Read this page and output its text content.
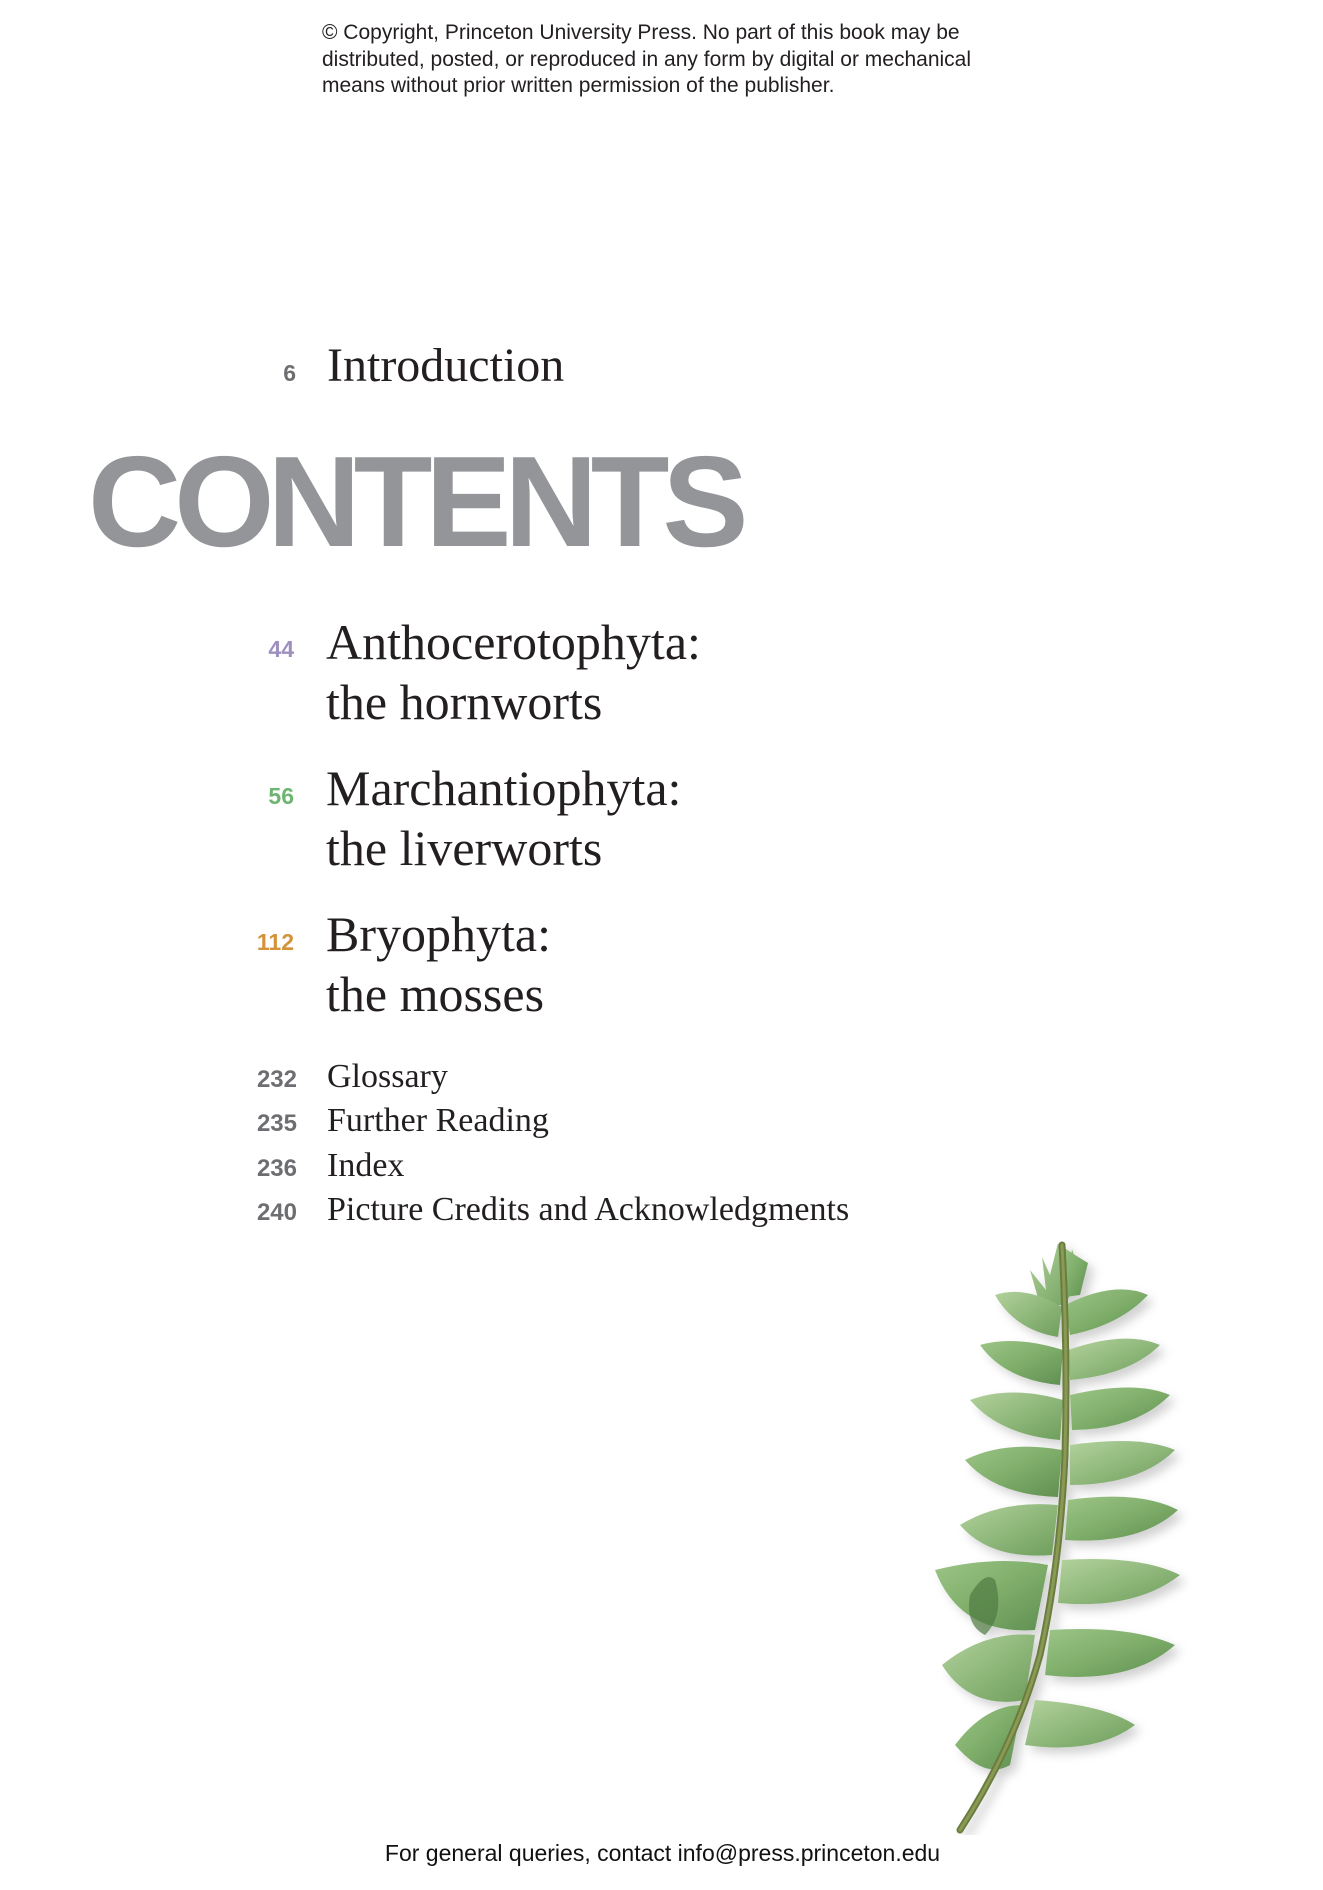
© Copyright, Princeton University Press. No part of this book may be
distributed, posted, or reproduced in any form by digital or mechanical
means without prior written permission of the publisher.
6 Introduction
CONTENTS
44 Anthocerotophyta:
the hornworts
56 Marchantiophyta:
the liverworts
112 Bryophyta:
the mosses
232 Glossary
235 Further Reading
236 Index
240 Picture Credits and Acknowledgments
For general queries, contact info@press.princeton.edu
